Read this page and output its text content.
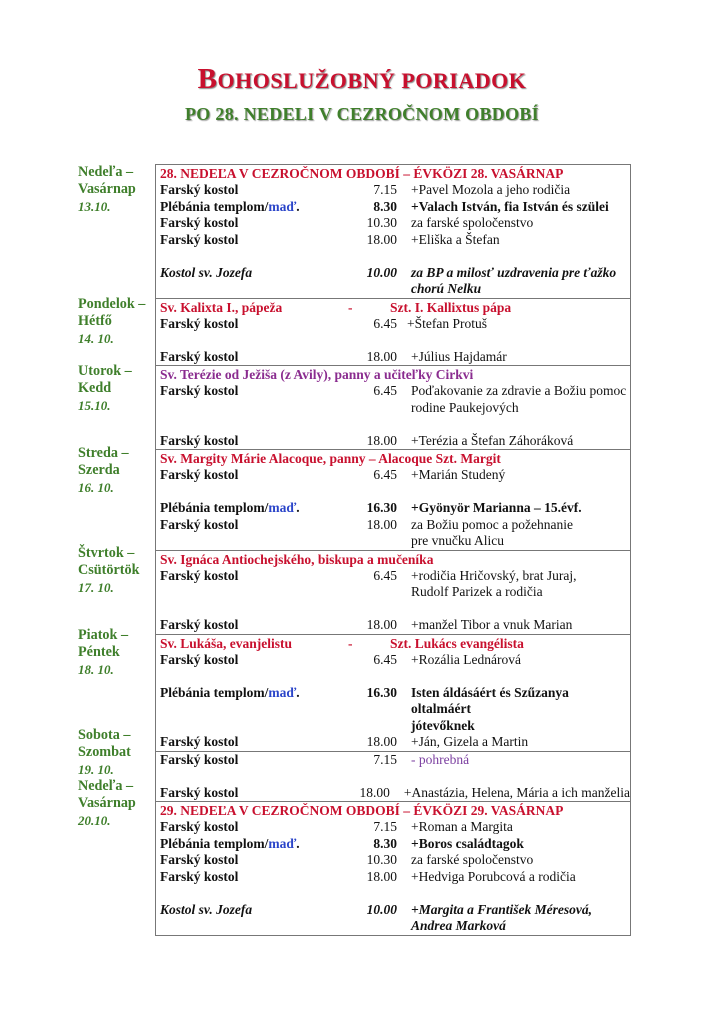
BOHOSLUŽOBNÝ PORIADOK
PO 28. NEDELI V CEZROČNOM OBDOBÍ
Nedeľa – Vasárnap
13.10.
Pondelok – Hétfő
14. 10.
Utorok – Kedd
15.10.
Streda – Szerda
16. 10.
Štvrtok – Csütörtök
17. 10.
Piatok – Péntek
18. 10.
Sobota – Szombat
19. 10.
Nedeľa – Vasárnap
20.10.
28. NEDEĽA V CEZROČNOM OBDOBÍ – ÉVKÖZI 28. VASÁRNAP
Farský kostol	7.15	+Pavel Mozola a jeho rodičia
Plébánia templom/maď.	8.30	+Valach István, fia István és szülei
Farský kostol	10.30	za farské spoločenstvo
Farský kostol	18.00	+Eliška a Štefan
Kostol sv. Jozefa	10.00	za BP a milosť uzdravenia pre ťažko
chorú Nelku
Sv. Kalixta I., pápeža	-	Szt. I. Kallixtus pápa
Farský kostol	6.45 +Štefan Protuš
Farský kostol	18.00	+Július Hajdamár
Sv. Terézie od Ježiša (z Avily), panny a učiteľky Cirkvi
Farský kostol	6.45	Poďakovanie za zdravie a Božiu pomoc
rodine Paukejových
Farský kostol	18.00	+Terézia a Štefan Záhoráková
Sv. Margity Márie Alacoque, panny – Alacoque Szt. Margit
Farský kostol	6.45	+Marián Studený
Plébánia templom/maď.	16.30	+Gyönyör Marianna – 15.évf.
Farský kostol	18.00	za Božiu pomoc a požehnanie
pre vnučku Alicu
Sv. Ignáca Antiochejského, biskupa a mučeníka
Farský kostol	6.45	+rodičia Hričovský, brat Juraj,
Rudolf Parizek a rodičia
Farský kostol	18.00	+manžel Tibor a vnuk Marian
Sv. Lukáša, evanjelistu	-	Szt. Lukács evangélista
Farský kostol	6.45	+Rozália Lednárová
Plébánia templom/maď.	16.30	Isten áldásáért és Szűzanya oltalmáért
jótevőknek
Farský kostol	18.00	+Ján, Gizela a Martin
Farský kostol	7.15	- pohrebná
Farský kostol	18.00	+Anastázia, Helena, Mária a ich manželia
29. NEDEĽA V CEZROČNOM OBDOBÍ – ÉVKÖZI 29. VASÁRNAP
Farský kostol	7.15	+Roman a Margita
Plébánia templom/maď.	8.30	+Boros családtagok
Farský kostol	10.30	za farské spoločenstvo
Farský kostol	18.00	+Hedviga Porubcová a rodičia
Kostol sv. Jozefa	10.00	+Margita a František Méresová,
Andrea Marková
